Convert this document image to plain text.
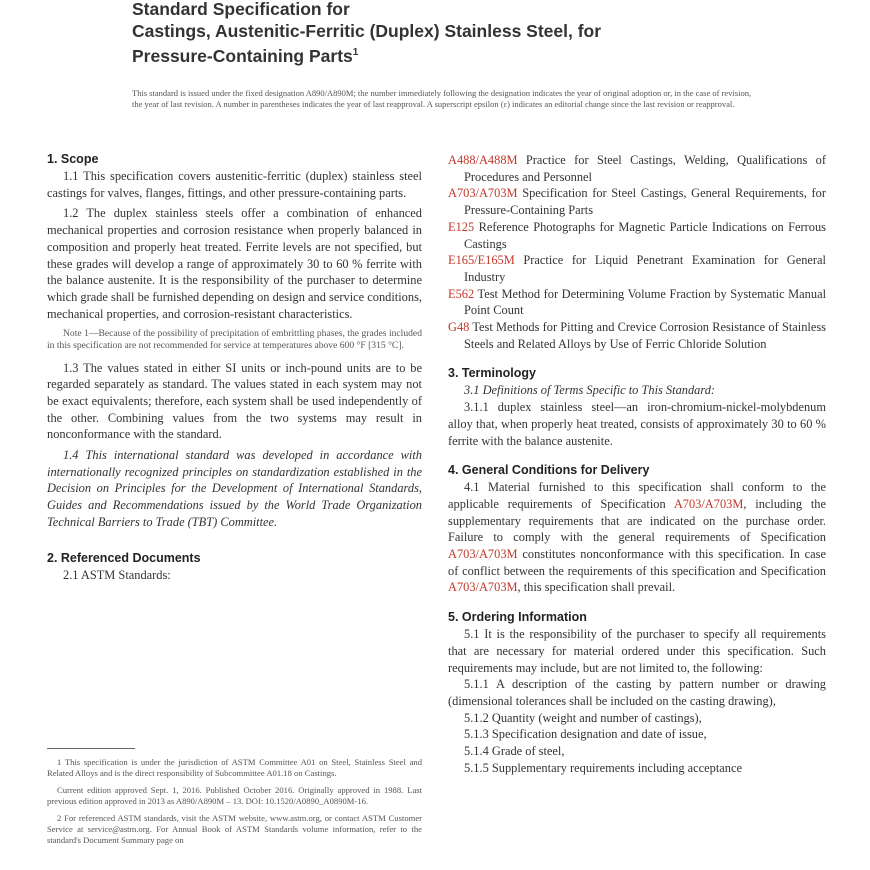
Standard Specification for
Castings, Austenitic-Ferritic (Duplex) Stainless Steel, for
Pressure-Containing Parts$^1$
This standard is issued under the fixed designation A890/A890M; the number immediately following the designation indicates the year of original adoption or, in the case of revision, the year of last revision. A number in parentheses indicates the year of last reapproval. A superscript epsilon (ε) indicates an editorial change since the last revision or reapproval.
1. Scope

1.1 This specification covers austenitic-ferritic (duplex) stainless steel castings for valves, flanges, fittings, and other pressure-containing parts.

1.2 The duplex stainless steels offer a combination of enhanced mechanical properties and corrosion resistance when properly balanced in composition and properly heat treated. Ferrite levels are not specified, but these grades will develop a range of approximately 30 to 60 % ferrite with the balance austenite. It is the responsibility of the purchaser to determine which grade shall be furnished depending on design and service conditions, mechanical properties, and corrosion-resistant characteristics.

Note 1—Because of the possibility of precipitation of embrittling phases, the grades included in this specification are not recommended for service at temperatures above 600 °F [315 °C].

1.3 The values stated in either SI units or inch-pound units are to be regarded separately as standard. The values stated in each system may not be exact equivalents; therefore, each system shall be used independently of the other. Combining values from the two systems may result in nonconformance with the standard.

1.4 This international standard was developed in accordance with internationally recognized principles on standardization established in the Decision on Principles for the Development of International Standards, Guides and Recommendations issued by the World Trade Organization Technical Barriers to Trade (TBT) Committee.

2. Referenced Documents

2.1 ASTM Standards:

1 This specification is under the jurisdiction of ASTM Committee A01 on Steel, Stainless Steel and Related Alloys and is the direct responsibility of Subcommittee A01.18 on Castings.

Current edition approved Sept. 1, 2016. Published October 2016. Originally approved in 1988. Last previous edition approved in 2013 as A890/A890M – 13. DOI: 10.1520/A0890_A0890M-16.

2 For referenced ASTM standards, visit the ASTM website, www.astm.org, or contact ASTM Customer Service at service@astm.org. For Annual Book of ASTM Standards volume information, refer to the standard's Document Summary page on

A488/A488M Practice for Steel Castings, Welding, Qualifications of Procedures and Personnel
A703/A703M Specification for Steel Castings, General Requirements, for Pressure-Containing Parts
E125 Reference Photographs for Magnetic Particle Indications on Ferrous Castings
E165/E165M Practice for Liquid Penetrant Examination for General Industry
E562 Test Method for Determining Volume Fraction by Systematic Manual Point Count
G48 Test Methods for Pitting and Crevice Corrosion Resistance of Stainless Steels and Related Alloys by Use of Ferric Chloride Solution
3. Terminology

3.1 Definitions of Terms Specific to This Standard:

3.1.1 duplex stainless steel—an iron-chromium-nickel-molybdenum alloy that, when properly heat treated, consists of approximately 30 to 60 % ferrite with the balance austenite.

4. General Conditions for Delivery

4.1 Material furnished to this specification shall conform to the applicable requirements of Specification A703/A703M, including the supplementary requirements that are indicated on the purchase order. Failure to comply with the general requirements of Specification A703/A703M constitutes nonconformance with this specification. In case of conflict between the requirements of this specification and Specification A703/A703M, this specification shall prevail.

5. Ordering Information

5.1 It is the responsibility of the purchaser to specify all requirements that are necessary for material ordered under this specification. Such requirements may include, but are not limited to, the following:

5.1.1 A description of the casting by pattern number or drawing (dimensional tolerances shall be included on the casting drawing),

5.1.2 Quantity (weight and number of castings),

5.1.3 Specification designation and date of issue,

5.1.4 Grade of steel,

5.1.5 Supplementary requirements including acceptance
